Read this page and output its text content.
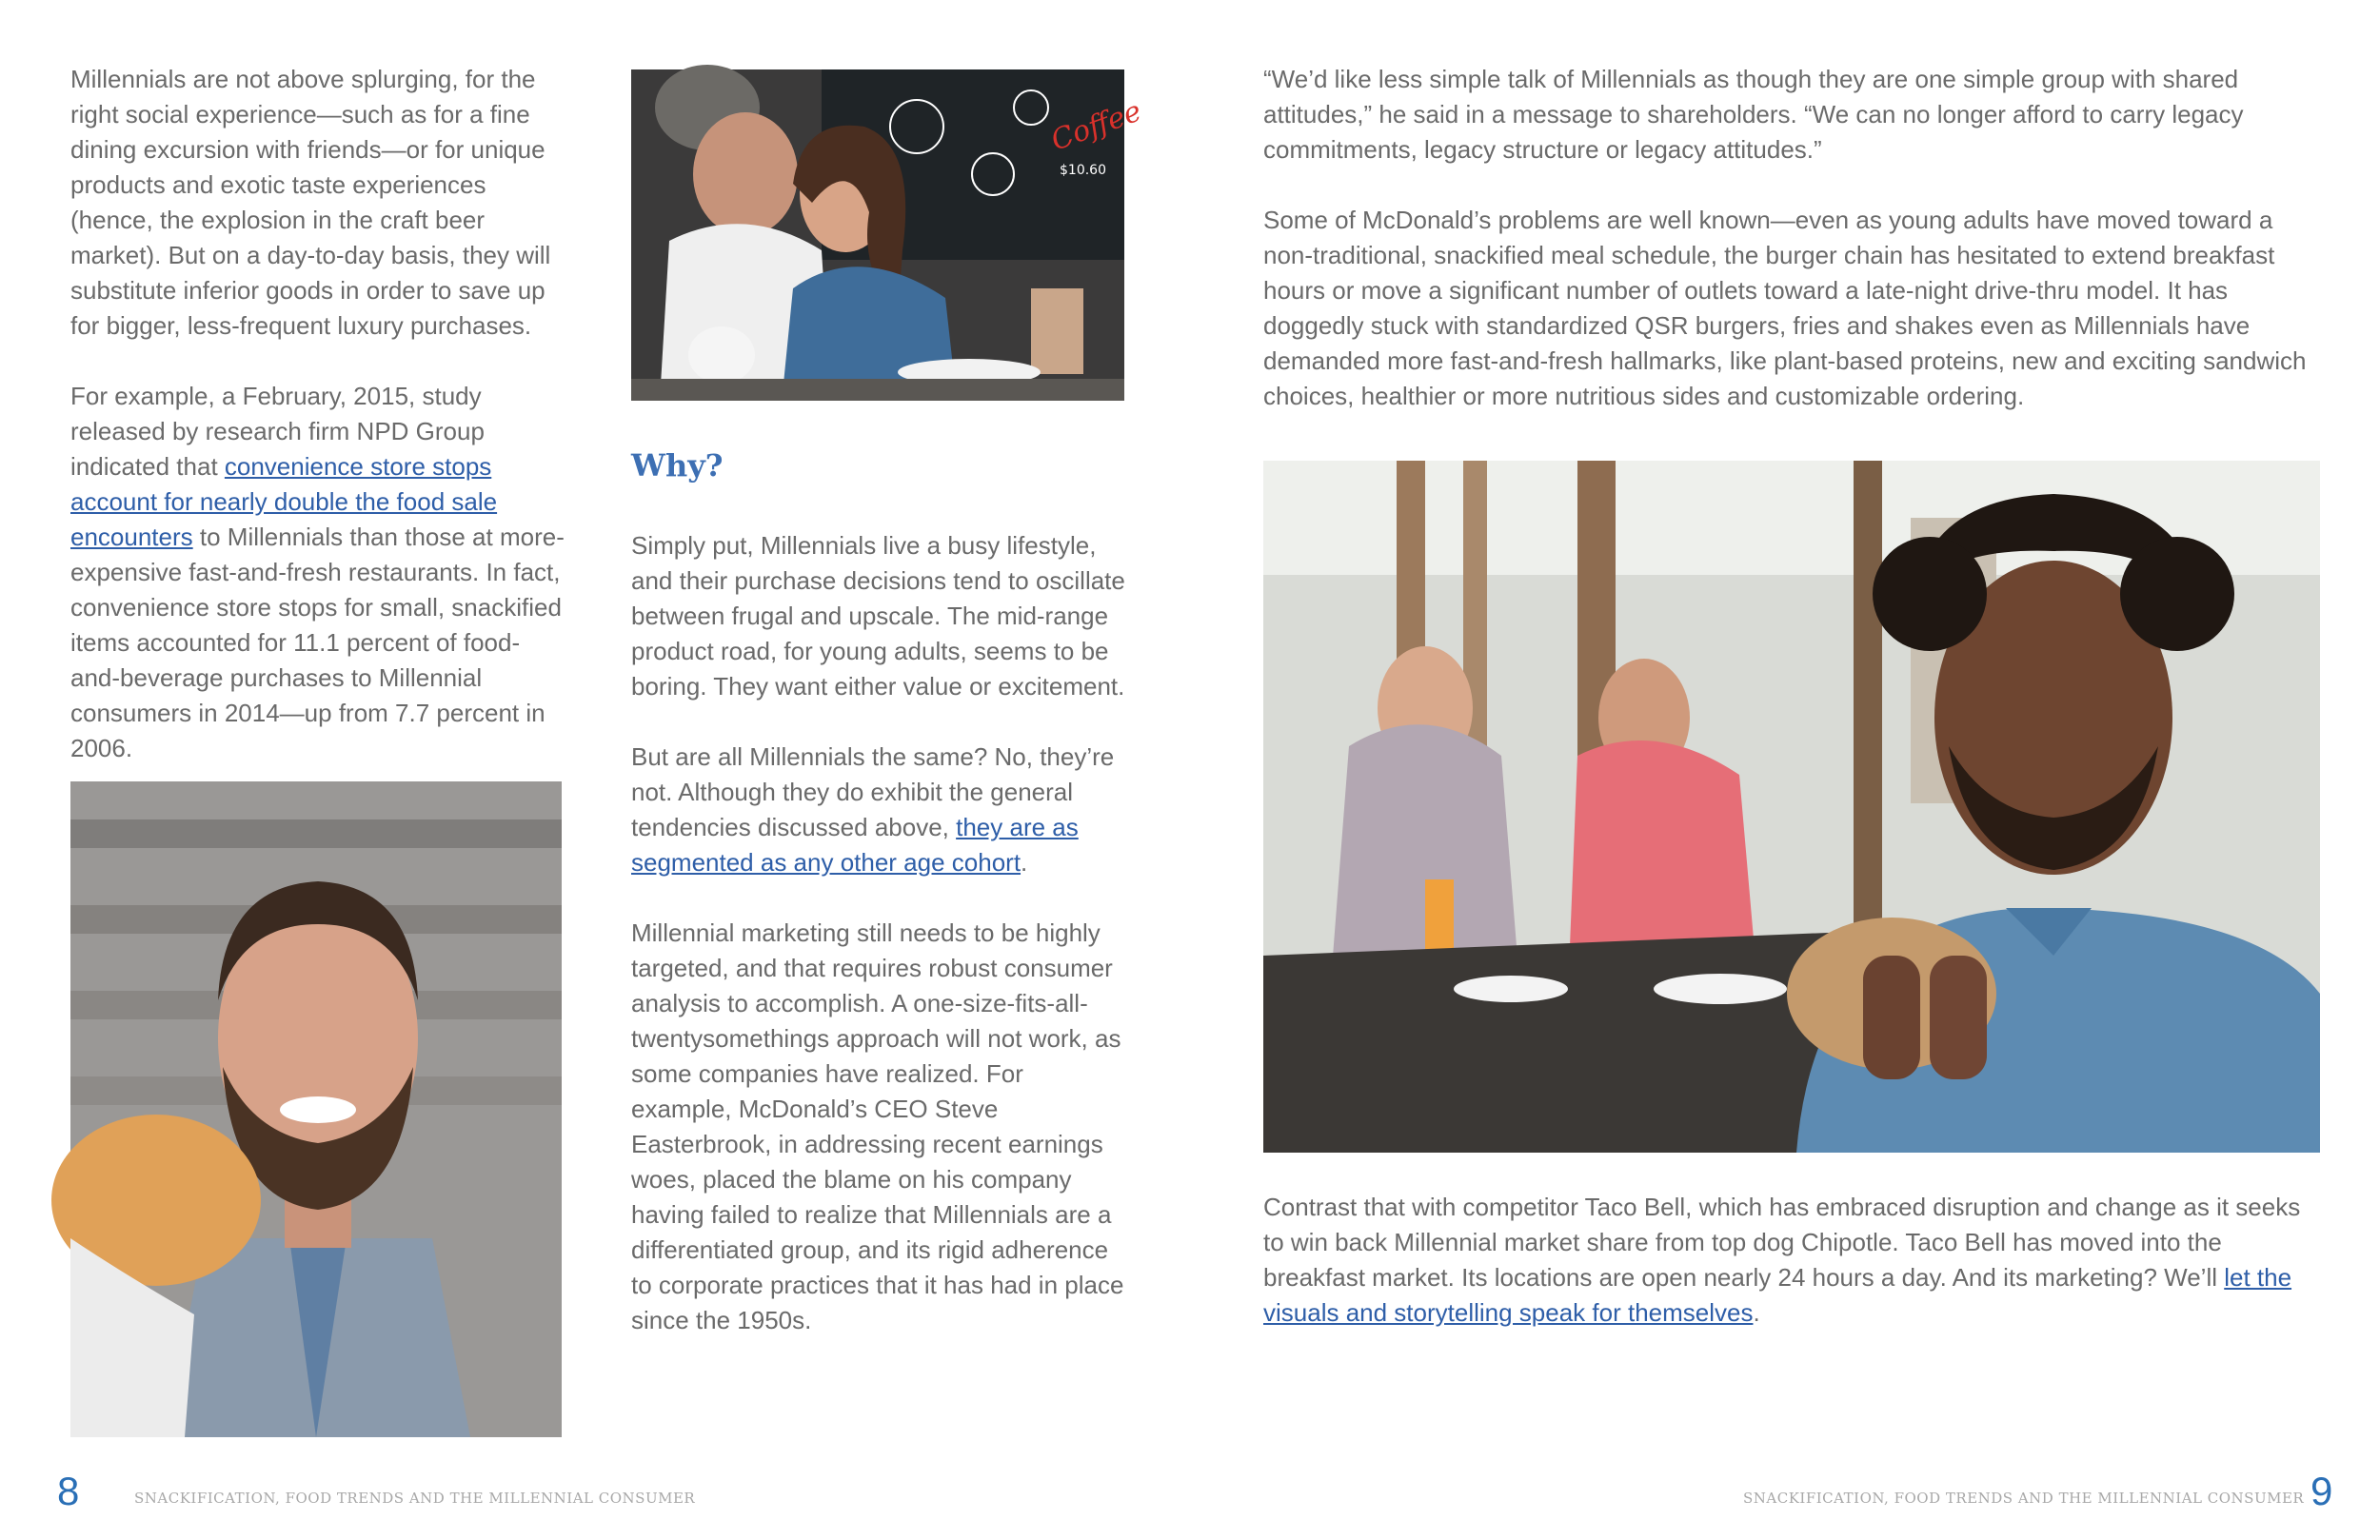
Millennials are not above splurging, for the right social experience—such as for a fine dining excursion with friends—or for unique products and exotic taste experiences (hence, the explosion in the craft beer market). But on a day-to-day basis, they will substitute inferior goods in order to save up for bigger, less-frequent luxury purchases.

For example, a February, 2015, study released by research firm NPD Group indicated that convenience store stops account for nearly double the food sale encounters to Millennials than those at more-expensive fast-and-fresh restaurants. In fact, convenience store stops for small, snackified items accounted for 11.1 percent of food-and-beverage purchases to Millennial consumers in 2014—up from 7.7 percent in 2006.

Coffee
$10.60
Why?

Simply put, Millennials live a busy lifestyle, and their purchase decisions tend to oscillate between frugal and upscale. The mid-range product road, for young adults, seems to be boring. They want either value or excitement.

But are all Millennials the same? No, they’re not. Although they do exhibit the general tendencies discussed above, they are as segmented as any other age cohort.

Millennial marketing still needs to be highly targeted, and that requires robust consumer analysis to accomplish. A one-size-fits-all-twentysomethings approach will not work, as some companies have realized. For example, McDonald’s CEO Steve Easterbrook, in addressing recent earnings woes, placed the blame on his company having failed to realize that Millennials are a differentiated group, and its rigid adherence to corporate practices that it has had in place since the 1950s.

“We’d like less simple talk of Millennials as though they are one simple group with shared attitudes,” he said in a message to shareholders. “We can no longer afford to carry legacy commitments, legacy structure or legacy attitudes.”

Some of McDonald’s problems are well known—even as young adults have moved toward a non-traditional, snackified meal schedule, the burger chain has hesitated to extend breakfast hours or move a significant number of outlets toward a late-night drive-thru model. It has doggedly stuck with standardized QSR burgers, fries and shakes even as Millennials have demanded more fast-and-fresh hallmarks, like plant-based proteins, new and exciting sandwich choices, healthier or more nutritious sides and customizable ordering.

Contrast that with competitor Taco Bell, which has embraced disruption and change as it seeks to win back Millennial market share from top dog Chipotle. Taco Bell has moved into the breakfast market. Its locations are open nearly 24 hours a day. And its marketing? We’ll let the visuals and storytelling speak for themselves.

8	SNACKIFICATION, FOOD TRENDS AND THE MILLENNIAL CONSUMER	SNACKIFICATION, FOOD TRENDS AND THE MILLENNIAL CONSUMER 9
